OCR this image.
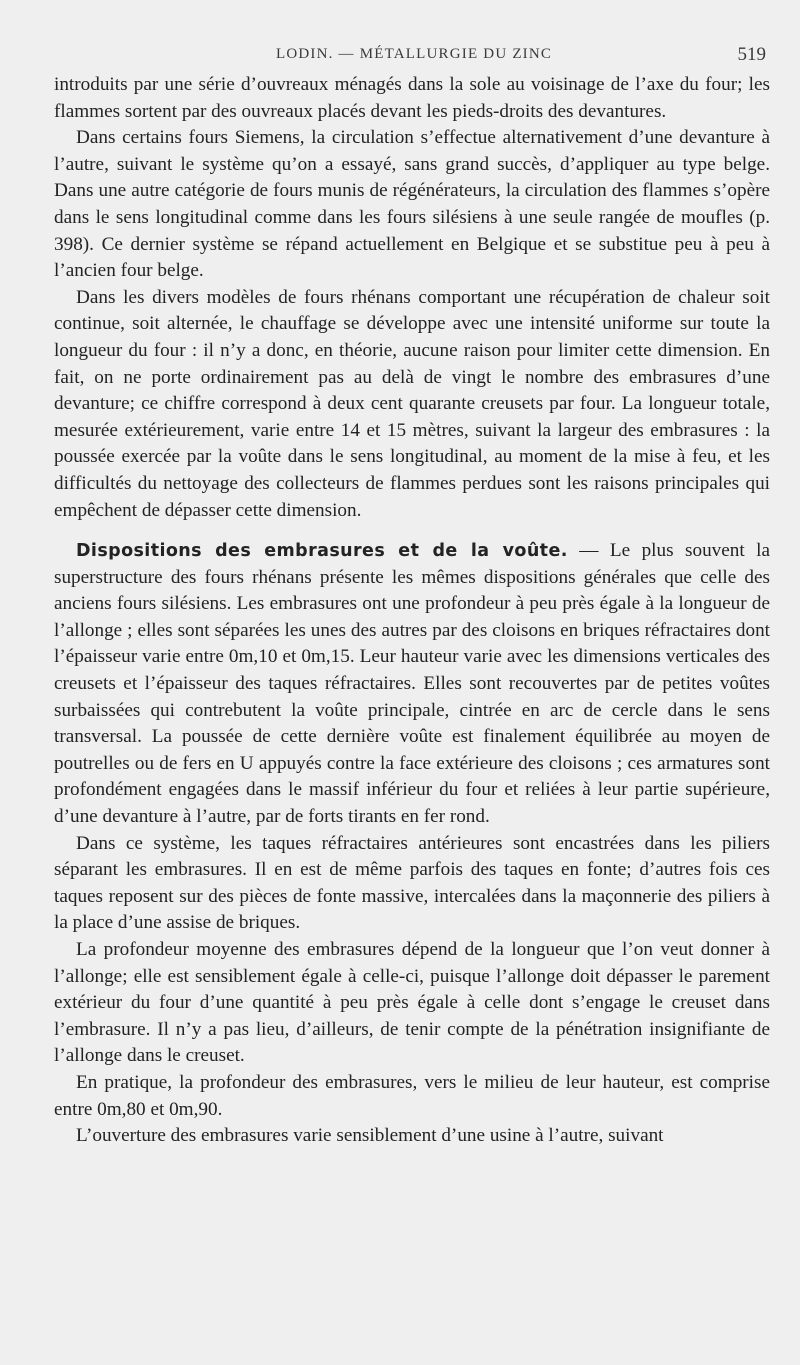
LODIN. — MÉTALLURGIE DU ZINC	519

introduits par une série d’ouvreaux ménagés dans la sole au voisinage de l’axe du four; les flammes sortent par des ouvreaux placés devant les pieds-droits des devantures.

Dans certains fours Siemens, la circulation s’effectue alternativement d’une devanture à l’autre, suivant le système qu’on a essayé, sans grand succès, d’appliquer au type belge. Dans une autre catégorie de fours munis de régénérateurs, la circulation des flammes s’opère dans le sens longitudinal comme dans les fours silésiens à une seule rangée de moufles (p. 398). Ce dernier système se répand actuellement en Belgique et se substitue peu à peu à l’ancien four belge.

Dans les divers modèles de fours rhénans comportant une récupération de chaleur soit continue, soit alternée, le chauffage se développe avec une intensité uniforme sur toute la longueur du four : il n’y a donc, en théorie, aucune raison pour limiter cette dimension. En fait, on ne porte ordinairement pas au delà de vingt le nombre des embrasures d’une devanture; ce chiffre correspond à deux cent quarante creusets par four. La longueur totale, mesurée extérieurement, varie entre 14 et 15 mètres, suivant la largeur des embrasures : la poussée exercée par la voûte dans le sens longitudinal, au moment de la mise à feu, et les difficultés du nettoyage des collecteurs de flammes perdues sont les raisons principales qui empêchent de dépasser cette dimension.

Dispositions des embrasures et de la voûte. — Le plus souvent la superstructure des fours rhénans présente les mêmes dispositions générales que celle des anciens fours silésiens. Les embrasures ont une profondeur à peu près égale à la longueur de l’allonge ; elles sont séparées les unes des autres par des cloisons en briques réfractaires dont l’épaisseur varie entre 0m,10 et 0m,15. Leur hauteur varie avec les dimensions verticales des creusets et l’épaisseur des taques réfractaires. Elles sont recouvertes par de petites voûtes surbaissées qui contrebutent la voûte principale, cintrée en arc de cercle dans le sens transversal. La poussée de cette dernière voûte est finalement équilibrée au moyen de poutrelles ou de fers en U appuyés contre la face extérieure des cloisons ; ces armatures sont profondément engagées dans le massif inférieur du four et reliées à leur partie supérieure, d’une devanture à l’autre, par de forts tirants en fer rond.

Dans ce système, les taques réfractaires antérieures sont encastrées dans les piliers séparant les embrasures. Il en est de même parfois des taques en fonte; d’autres fois ces taques reposent sur des pièces de fonte massive, intercalées dans la maçonnerie des piliers à la place d’une assise de briques.

La profondeur moyenne des embrasures dépend de la longueur que l’on veut donner à l’allonge; elle est sensiblement égale à celle-ci, puisque l’allonge doit dépasser le parement extérieur du four d’une quantité à peu près égale à celle dont s’engage le creuset dans l’embrasure. Il n’y a pas lieu, d’ailleurs, de tenir compte de la pénétration insignifiante de l’allonge dans le creuset.

En pratique, la profondeur des embrasures, vers le milieu de leur hauteur, est comprise entre 0m,80 et 0m,90.

L’ouverture des embrasures varie sensiblement d’une usine à l’autre, suivant
